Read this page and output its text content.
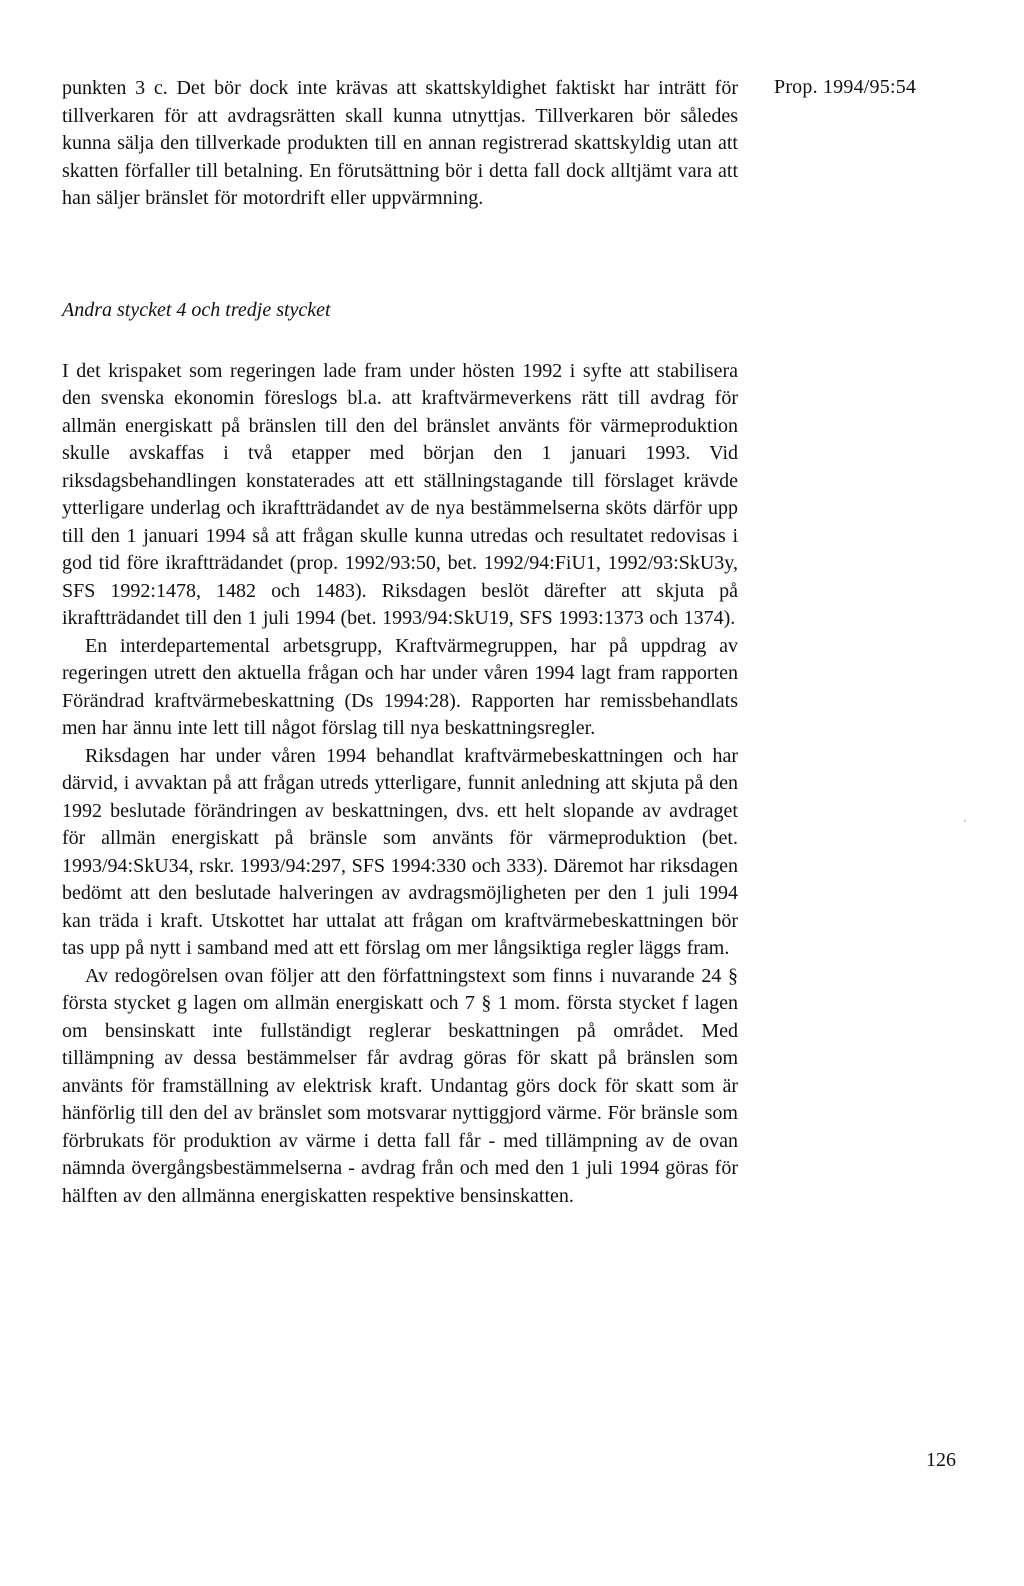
Prop. 1994/95:54

punkten 3 c. Det bör dock inte krävas att skattskyldighet faktiskt har inträtt för tillverkaren för att avdragsrätten skall kunna utnyttjas. Tillverkaren bör således kunna sälja den tillverkade produkten till en annan registrerad skattskyldig utan att skatten förfaller till betalning. En förutsättning bör i detta fall dock alltjämt vara att han säljer bränslet för motordrift eller uppvärmning.

Andra stycket 4 och tredje stycket

I det krispaket som regeringen lade fram under hösten 1992 i syfte att stabilisera den svenska ekonomin föreslogs bl.a. att kraftvärmeverkens rätt till avdrag för allmän energiskatt på bränslen till den del bränslet använts för värmeproduktion skulle avskaffas i två etapper med början den 1 januari 1993. Vid riksdagsbehandlingen konstaterades att ett ställningstagande till förslaget krävde ytterligare underlag och ikraftträdandet av de nya bestämmelserna sköts därför upp till den 1 januari 1994 så att frågan skulle kunna utredas och resultatet redovisas i god tid före ikraftträdandet (prop. 1992/93:50, bet. 1992/94:FiU1, 1992/93:SkU3y, SFS 1992:1478, 1482 och 1483). Riksdagen beslöt därefter att skjuta på ikraftträdandet till den 1 juli 1994 (bet. 1993/94:SkU19, SFS 1993:1373 och 1374).

En interdepartemental arbetsgrupp, Kraftvärmegruppen, har på uppdrag av regeringen utrett den aktuella frågan och har under våren 1994 lagt fram rapporten Förändrad kraftvärmebeskattning (Ds 1994:28). Rapporten har remissbehandlats men har ännu inte lett till något förslag till nya beskattningsregler.

Riksdagen har under våren 1994 behandlat kraftvärmebeskattningen och har därvid, i avvaktan på att frågan utreds ytterligare, funnit anledning att skjuta på den 1992 beslutade förändringen av beskattningen, dvs. ett helt slopande av avdraget för allmän energiskatt på bränsle som använts för värmeproduktion (bet. 1993/94:SkU34, rskr. 1993/94:297, SFS 1994:330 och 333). Däremot har riksdagen bedömt att den beslutade halveringen av avdragsmöjligheten per den 1 juli 1994 kan träda i kraft. Utskottet har uttalat att frågan om kraftvärmebeskattningen bör tas upp på nytt i samband med att ett förslag om mer långsiktiga regler läggs fram.

Av redogörelsen ovan följer att den författningstext som finns i nuvarande 24 § första stycket g lagen om allmän energiskatt och 7 § 1 mom. första stycket f lagen om bensinskatt inte fullständigt reglerar beskattningen på området. Med tillämpning av dessa bestämmelser får avdrag göras för skatt på bränslen som använts för framställning av elektrisk kraft. Undantag görs dock för skatt som är hänförlig till den del av bränslet som motsvarar nyttiggjord värme. För bränsle som förbrukats för produktion av värme i detta fall får - med tillämpning av de ovan nämnda övergångsbestämmelserna - avdrag från och med den 1 juli 1994 göras för hälften av den allmänna energiskatten respektive bensinskatten.

126
